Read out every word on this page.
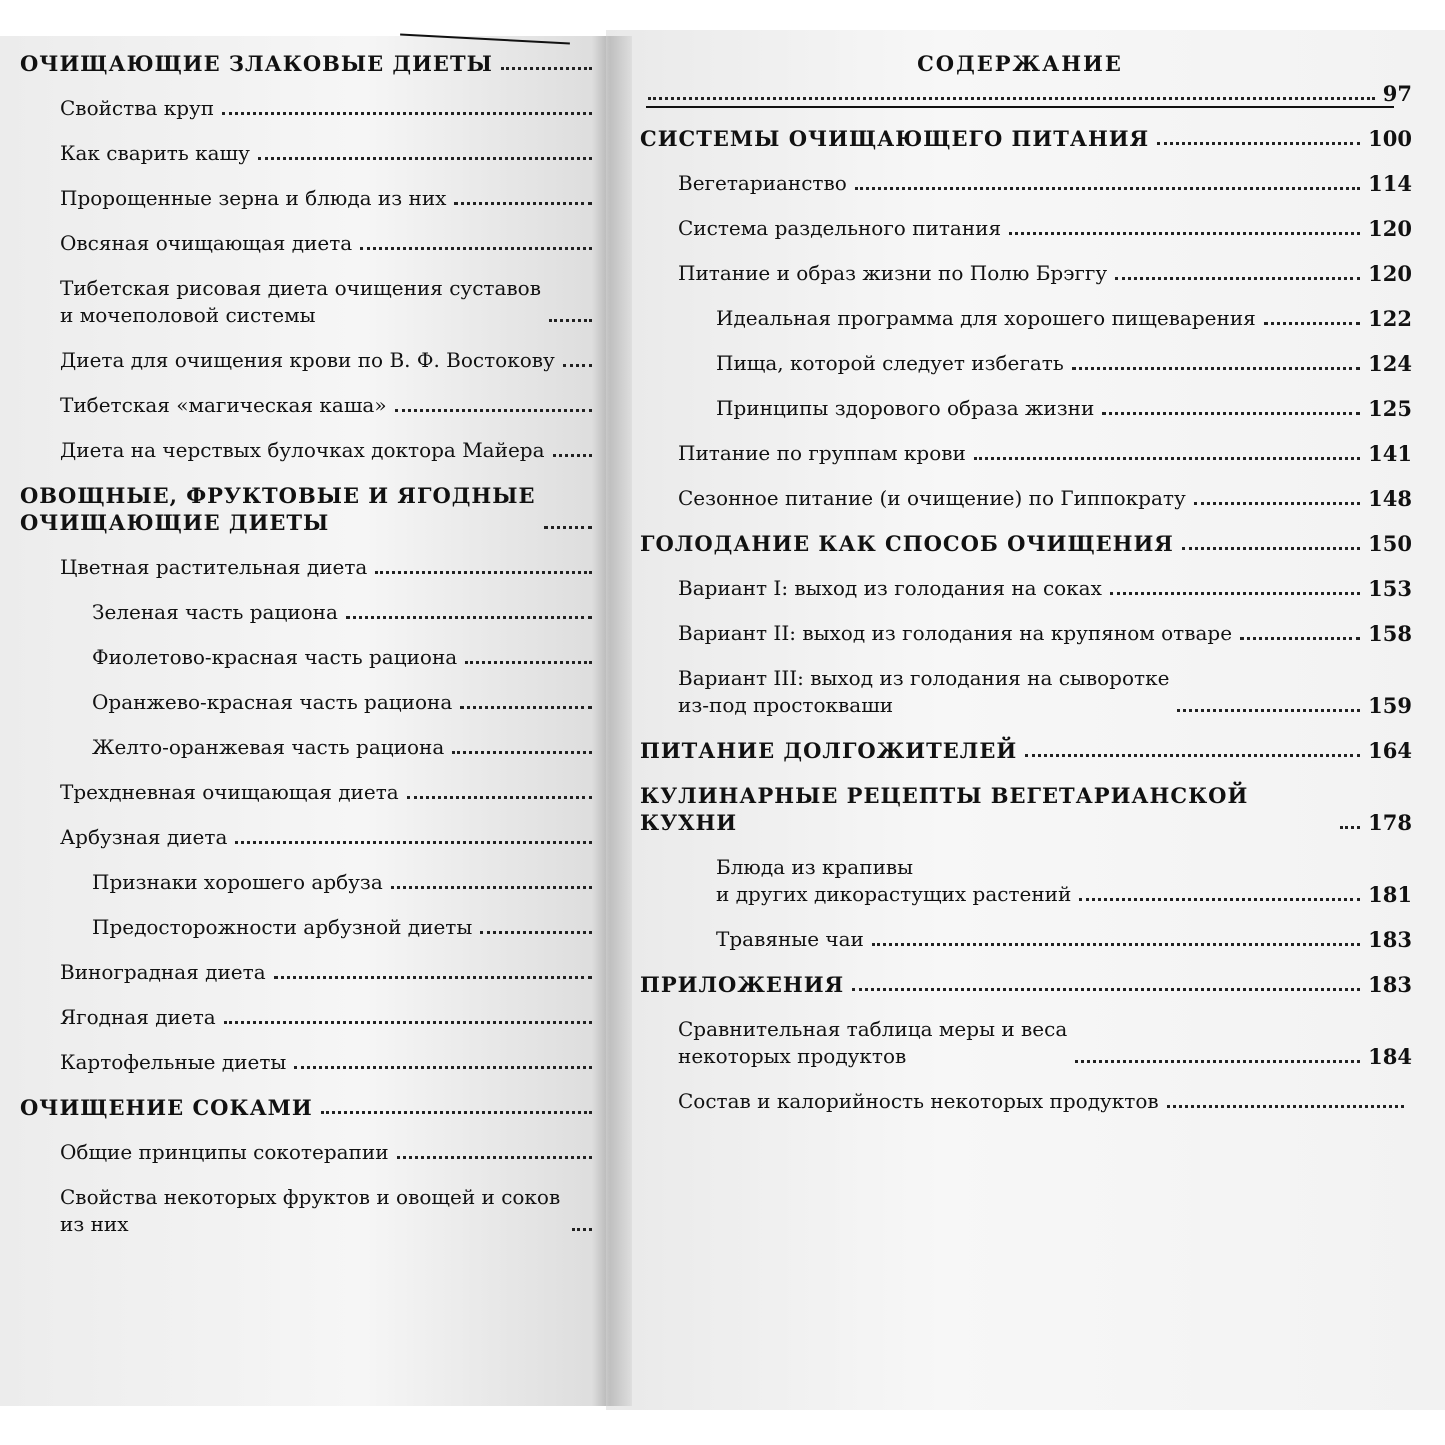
СОДЕРЖАНИЕ
ОЧИЩАЮЩИЕ ЗЛАКОВЫЕ ДИЕТЫ
Свойства круп
Как сварить кашу
Пророщенные зерна и блюда из них
Овсяная очищающая диета
Тибетская рисовая диета очищения суставов
и мочеполовой системы
Диета для очищения крови по В. Ф. Востокову
Тибетская «магическая каша»
Диета на черствых булочках доктора Майера
ОВОЩНЫЕ, ФРУКТОВЫЕ И ЯГОДНЫЕ
ОЧИЩАЮЩИЕ ДИЕТЫ
Цветная растительная диета
Зеленая часть рациона
Фиолетово-красная часть рациона
Оранжево-красная часть рациона
Желто-оранжевая часть рациона
Трехдневная очищающая диета
Арбузная диета
Признаки хорошего арбуза
Предосторожности арбузной диеты
Виноградная диета
Ягодная диета
Картофельные диеты
ОЧИЩЕНИЕ СОКАМИ
Общие принципы сокотерапии
Свойства некоторых фруктов и овощей и соков из них
97
СИСТЕМЫ ОЧИЩАЮЩЕГО ПИТАНИЯ	100
Вегетарианство	114
Система раздельного питания	120
Питание и образ жизни по Полю Брэггу	120
Идеальная программа для хорошего пищеварения	122
Пища, которой следует избегать	124
Принципы здорового образа жизни	125
Питание по группам крови	141
Сезонное питание (и очищение) по Гиппократу	148
ГОЛОДАНИЕ КАК СПОСОБ ОЧИЩЕНИЯ	150
Вариант I: выход из голодания на соках	153
Вариант II: выход из голодания на крупяном отваре	158
Вариант III: выход из голодания на сыворотке
из-под простокваши	159
ПИТАНИЕ ДОЛГОЖИТЕЛЕЙ	164
КУЛИНАРНЫЕ РЕЦЕПТЫ ВЕГЕТАРИАНСКОЙ КУХНИ	178
Блюда из крапивы
и других дикорастущих растений	181
Травяные чаи	183
ПРИЛОЖЕНИЯ	183
Сравнительная таблица меры и веса
некоторых продуктов	184
Состав и калорийность некоторых продуктов
